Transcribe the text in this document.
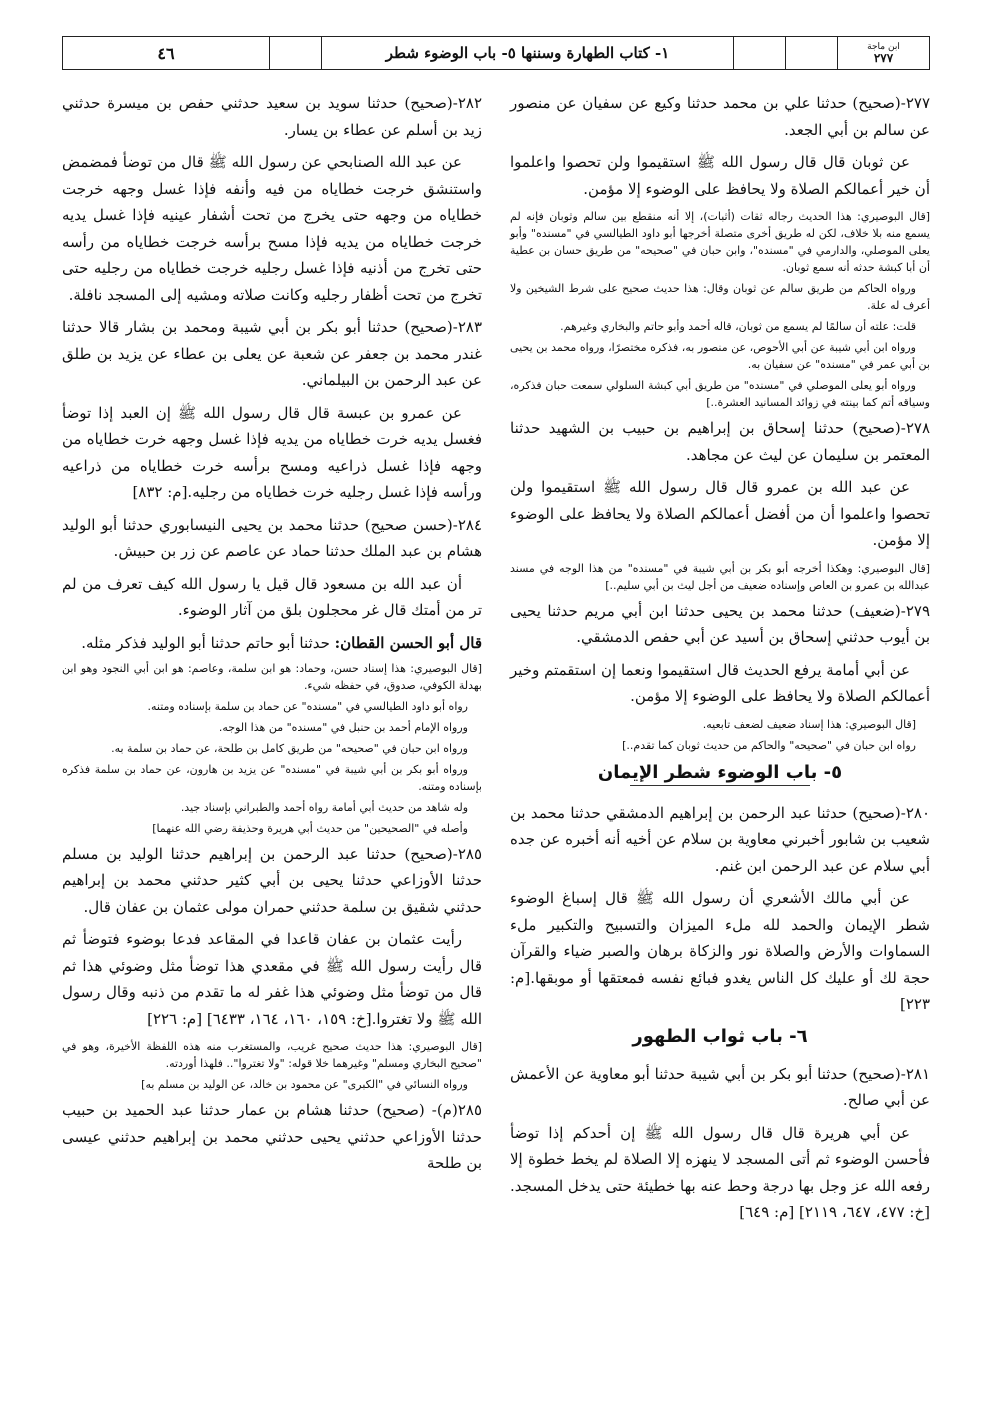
ابن ماجة
٢٧٧
١- كتاب الطهارة وسننها ٥- باب الوضوء شطر
٤٦

٢٧٧-(صحيح) حدثنا علي بن محمد حدثنا وكيع عن سفيان عن منصور عن سالم بن أبي الجعد.

عن ثوبان قال قال رسول الله ﷺ استقيموا ولن تحصوا واعلموا أن خير أعمالكم الصلاة ولا يحافظ على الوضوء إلا مؤمن.

[قال البوصيري: هذا الحديث رجاله ثقات (أثبات)، إلا أنه منقطع بين سالم وثوبان فإنه لم يسمع منه بلا خلاف، لكن له طريق أخرى متصلة أخرجها أبو داود الطيالسي في "مسنده" وأبو يعلى الموصلي، والدارمي في "مسنده"، وابن حبان في "صحيحه" من طريق حسان بن عطية أن أبا كبشة حدثه أنه سمع ثوبان.

ورواه الحاكم من طريق سالم عن ثوبان وقال: هذا حديث صحيح على شرط الشيخين ولا أعرف له علة.

قلت: علته أن سالمًا لم يسمع من ثوبان، قاله أحمد وأبو حاتم والبخاري وغيرهم.

ورواه ابن أبي شيبة عن أبي الأحوص، عن منصور به، فذكره مختصرًا، ورواه محمد بن يحيى بن أبي عمر في "مسنده" عن سفيان به.

ورواه أبو يعلى الموصلي في "مسنده" من طريق أبي كبشة السلولي سمعت حبان فذكره، وسياقه أتم كما بينته في زوائد المسانيد العشرة..]

٢٧٨-(صحيح) حدثنا إسحاق بن إبراهيم بن حبيب بن الشهيد حدثنا المعتمر بن سليمان عن ليث عن مجاهد.

عن عبد الله بن عمرو قال قال رسول الله ﷺ استقيموا ولن تحصوا واعلموا أن من أفضل أعمالكم الصلاة ولا يحافظ على الوضوء إلا مؤمن.

[قال البوصيري: وهكذا أخرجه أبو بكر بن أبي شيبة في "مسنده" من هذا الوجه في مسند عبدالله بن عمرو بن العاص وإسناده ضعيف من أجل ليث بن أبي سليم..]

٢٧٩-(ضعيف) حدثنا محمد بن يحيى حدثنا ابن أبي مريم حدثنا يحيى بن أيوب حدثني إسحاق بن أسيد عن أبي حفص الدمشقي.

عن أبي أمامة يرفع الحديث قال استقيموا ونعما إن استقمتم وخير أعمالكم الصلاة ولا يحافظ على الوضوء إلا مؤمن.

[قال البوصيري: هذا إسناد ضعيف لضعف تابعيه.

رواه ابن حبان في "صحيحه" والحاكم من حديث ثوبان كما تقدم..]

٥- باب الوضوء شطر الإيمان

٢٨٠-(صحيح) حدثنا عبد الرحمن بن إبراهيم الدمشقي حدثنا محمد بن شعيب بن شابور أخبرني معاوية بن سلام عن أخيه أنه أخبره عن جده أبي سلام عن عبد الرحمن ابن غنم.

عن أبي مالك الأشعري أن رسول الله ﷺ قال إسباغ الوضوء شطر الإيمان والحمد لله ملء الميزان والتسبيح والتكبير ملء السماوات والأرض والصلاة نور والزكاة برهان والصبر ضياء والقرآن حجة لك أو عليك كل الناس يغدو فبائع نفسه فمعتقها أو موبقها.[م: ٢٢٣]

٦- باب ثواب الطهور

٢٨١-(صحيح) حدثنا أبو بكر بن أبي شيبة حدثنا أبو معاوية عن الأعمش عن أبي صالح.

عن أبي هريرة قال قال رسول الله ﷺ إن أحدكم إذا توضأ فأحسن الوضوء ثم أتى المسجد لا ينهزه إلا الصلاة لم يخط خطوة إلا رفعه الله عز وجل بها درجة وحط عنه بها خطيئة حتى يدخل المسجد.[خ: ٤٧٧، ٦٤٧، ٢١١٩] [م: ٦٤٩]

٢٨٢-(صحيح) حدثنا سويد بن سعيد حدثني حفص بن ميسرة حدثني زيد بن أسلم عن عطاء بن يسار.

عن عبد الله الصنابحي عن رسول الله ﷺ قال من توضأ فمضمض واستنشق خرجت خطاياه من فيه وأنفه فإذا غسل وجهه خرجت خطاياه من وجهه حتى يخرج من تحت أشفار عينيه فإذا غسل يديه خرجت خطاياه من يديه فإذا مسح برأسه خرجت خطاياه من رأسه حتى تخرج من أذنيه فإذا غسل رجليه خرجت خطاياه من رجليه حتى تخرج من تحت أظفار رجليه وكانت صلاته ومشيه إلى المسجد نافلة.

٢٨٣-(صحيح) حدثنا أبو بكر بن أبي شيبة ومحمد بن بشار قالا حدثنا غندر محمد بن جعفر عن شعبة عن يعلى بن عطاء عن يزيد بن طلق عن عبد الرحمن بن البيلماني.

عن عمرو بن عبسة قال قال رسول الله ﷺ إن العبد إذا توضأ فغسل يديه خرت خطاياه من يديه فإذا غسل وجهه خرت خطاياه من وجهه فإذا غسل ذراعيه ومسح برأسه خرت خطاياه من ذراعيه ورأسه فإذا غسل رجليه خرت خطاياه من رجليه.[م: ٨٣٢]

٢٨٤-(حسن صحيح) حدثنا محمد بن يحيى النيسابوري حدثنا أبو الوليد هشام بن عبد الملك حدثنا حماد عن عاصم عن زر بن حبيش.

أن عبد الله بن مسعود قال قيل يا رسول الله كيف تعرف من لم تر من أمتك قال غر محجلون بلق من آثار الوضوء.

قال أبو الحسن القطان: حدثنا أبو حاتم حدثنا أبو الوليد فذكر مثله.

[قال البوصيري: هذا إسناد حسن، وحماد: هو ابن سلمة، وعاصم: هو ابن أبي النجود وهو ابن بهدلة الكوفي، صدوق، في حفظه شيء.

رواه أبو داود الطيالسي في "مسنده" عن حماد بن سلمة بإسناده ومتنه.

ورواه الإمام أحمد بن حنبل في "مسنده" من هذا الوجه.

ورواه ابن حبان في "صحيحه" من طريق كامل بن طلحة، عن حماد بن سلمة به.

ورواه أبو بكر بن أبي شيبة في "مسنده" عن يزيد بن هارون، عن حماد بن سلمة فذكره بإسناده ومتنه.

وله شاهد من حديث أبي أمامة رواه أحمد والطبراني بإسناد جيد.

وأصله في "الصحيحين" من حديث أبي هريرة وحذيفة رضي الله عنهما]

٢٨٥-(صحيح) حدثنا عبد الرحمن بن إبراهيم حدثنا الوليد بن مسلم حدثنا الأوزاعي حدثنا يحيى بن أبي كثير حدثني محمد بن إبراهيم حدثني شقيق بن سلمة حدثني حمران مولى عثمان بن عفان قال.

رأيت عثمان بن عفان قاعدا في المقاعد فدعا بوضوء فتوضأ ثم قال رأيت رسول الله ﷺ في مقعدي هذا توضأ مثل وضوئي هذا ثم قال من توضأ مثل وضوئي هذا غفر له ما تقدم من ذنبه وقال رسول الله ﷺ ولا تغتروا.[خ: ١٥٩، ١٦٠، ١٦٤، ٦٤٣٣] [م: ٢٢٦]

[قال البوصيري: هذا حديث صحيح غريب، والمستغرب منه هذه اللفظة الأخيرة، وهو في "صحيح البخاري ومسلم" وغيرهما خلا قوله: "ولا تغتروا".. فلهذا أوردته.

ورواه النسائي في "الكبرى" عن محمود بن خالد، عن الوليد بن مسلم به]

٢٨٥(م)- (صحيح) حدثنا هشام بن عمار حدثنا عبد الحميد بن حبيب حدثنا الأوزاعي حدثني يحيى حدثني محمد بن إبراهيم حدثني عيسى بن طلحة
